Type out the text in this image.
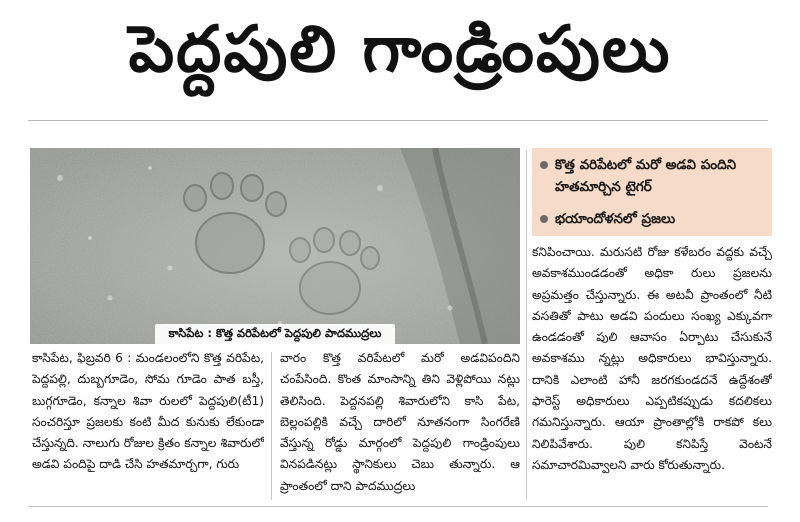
పెద్దపులి గాండ్రింపులు
కాసిపేట : కొత్త వరిపేటలో పెద్దపులి పాదముద్రలు
కొత్త వరిపేటలో మరో అడవి పందిని హతమార్చిన టైగర్
భయాందోళనలో ప్రజలు

కాసిపేట, ఫిబ్రవరి 6 : మండలంలోని కొత్త వరిపేట, పెద్దపల్లి, దుబ్బగూడెం, సోమ గూడెం పాత బస్తీ, బుగ్గగూడెం, కన్నాల శివా రులలో పెద్దపులి(టీ1) సంచరిస్తూ ప్రజలకు కంటి మీద కునుకు లేకుండా చేస్తున్నది. నాలుగు రోజుల క్రితం కన్నాల శివారులో అడవి పందిపై దాడి చేసి హతమార్చగా, గురు

వారం కొత్త వరిపేటలో మరో అడవిపందిని చంపేసింది. కొంత మాంసాన్ని తిని వెళ్లిపోయి నట్లు తెలిసింది. పెద్దనపల్లి శివారులోని కాసి పేట, బెల్లంపల్లికి వచ్చే దారిలో నూతనంగా సింగరేణి వేస్తున్న రోడ్డు మార్గంలో పెద్దపులి గాండ్రింపులు వినపడినట్లు స్థానికులు చెబు తున్నారు. ఆ ప్రాంతంలో దాని పాదముద్రలు

కనిపించాయి. మరుసటి రోజు కళేబరం వద్దకు వచ్చే అవకాశముండడంతో అధికా రులు ప్రజలను అప్రమత్తం చేస్తున్నారు. ఈ అటవీ ప్రాంతంలో నీటి వసతితో పాటు అడవి పందులు సంఖ్య ఎక్కువగా ఉండడంతో పులి ఆవాసం ఏర్పాటు చేసుకునే అవకాశము న్నట్లు అధికారులు భావిస్తున్నారు. దానికి ఎలాంటి హానీ జరగకుండదనే ఉద్దేశంతో ఫారెస్ట్ అధికారులు ఎప్పటికప్పుడు కదలికలు గమనిస్తున్నారు. ఆయా ప్రాంతాల్లోకి రాకపో కలు నిలిపివేశారు. పులి కనిపిస్తే వెంటనే సమాచారమివ్వాలని వారు కోరుతున్నారు.
